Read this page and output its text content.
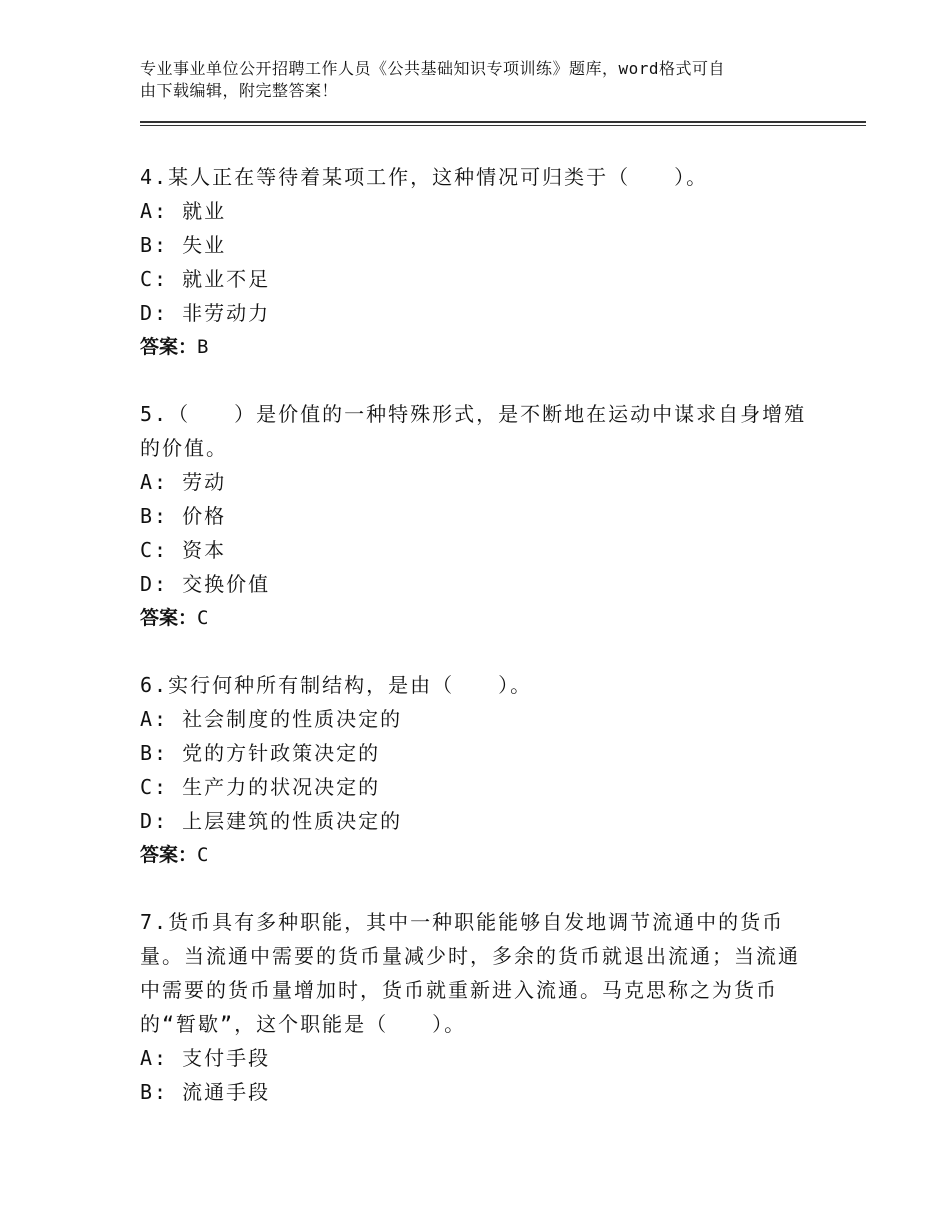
专业事业单位公开招聘工作人员《公共基础知识专项训练》题库，word格式可自
由下载编辑，附完整答案！

4.某人正在等待着某项工作，这种情况可归类于（　　）。

A: 就业

B: 失业

C: 就业不足

D: 非劳动力

答案：B

5.（　　）是价值的一种特殊形式，是不断地在运动中谋求自身增殖

的价值。

A: 劳动

B: 价格

C: 资本

D: 交换价值

答案：C

6.实行何种所有制结构，是由（　　）。

A: 社会制度的性质决定的

B: 党的方针政策决定的

C: 生产力的状况决定的

D: 上层建筑的性质决定的

答案：C

7.货币具有多种职能，其中一种职能能够自发地调节流通中的货币

量。当流通中需要的货币量减少时，多余的货币就退出流通；当流通

中需要的货币量增加时，货币就重新进入流通。马克思称之为货币

的“暂歇”，这个职能是（　　）。

A: 支付手段

B: 流通手段
